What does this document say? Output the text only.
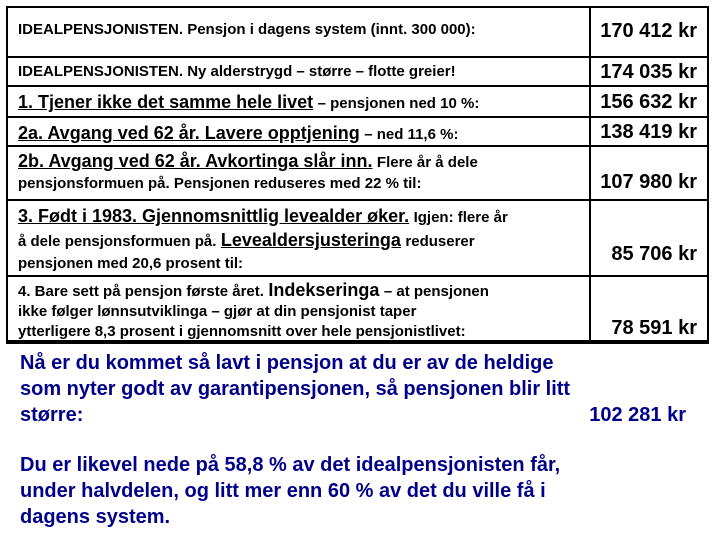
IDEALPENSJONISTEN. Pensjon i dagens system (innt. 300 000):	170 412 kr
IDEALPENSJONISTEN. Ny alderstrygd – større – flotte greier!	174 035 kr
1. Tjener ikke det samme hele livet – pensjonen ned 10 %:	156 632 kr
2a. Avgang ved 62 år. Lavere opptjening – ned 11,6 %:	138 419 kr
2b. Avgang ved 62 år. Avkortinga slår inn. Flere år å dele
pensjonsformuen på. Pensjonen reduseres med 22 % til:	107 980 kr
3. Født i 1983. Gjennomsnittlig levealder øker. Igjen: flere år
å dele pensjonsformuen på. Levealdersjusteringa reduserer
pensjonen med 20,6 prosent til:	85 706 kr
4. Bare sett på pensjon første året. Indekseringa – at pensjonen
ikke følger lønnsutviklinga – gjør at din pensjonist taper
ytterligere 8,3 prosent i gjennomsnitt over hele pensjonistlivet:	78 591 kr
Nå er du kommet så lavt i pensjon at du er av de heldige
som nyter godt av garantipensjonen, så pensjonen blir litt
større:	102 281 kr
Du er likevel nede på 58,8 % av det idealpensjonisten får,
under halvdelen, og litt mer enn 60 % av det du ville få i
dagens system.
